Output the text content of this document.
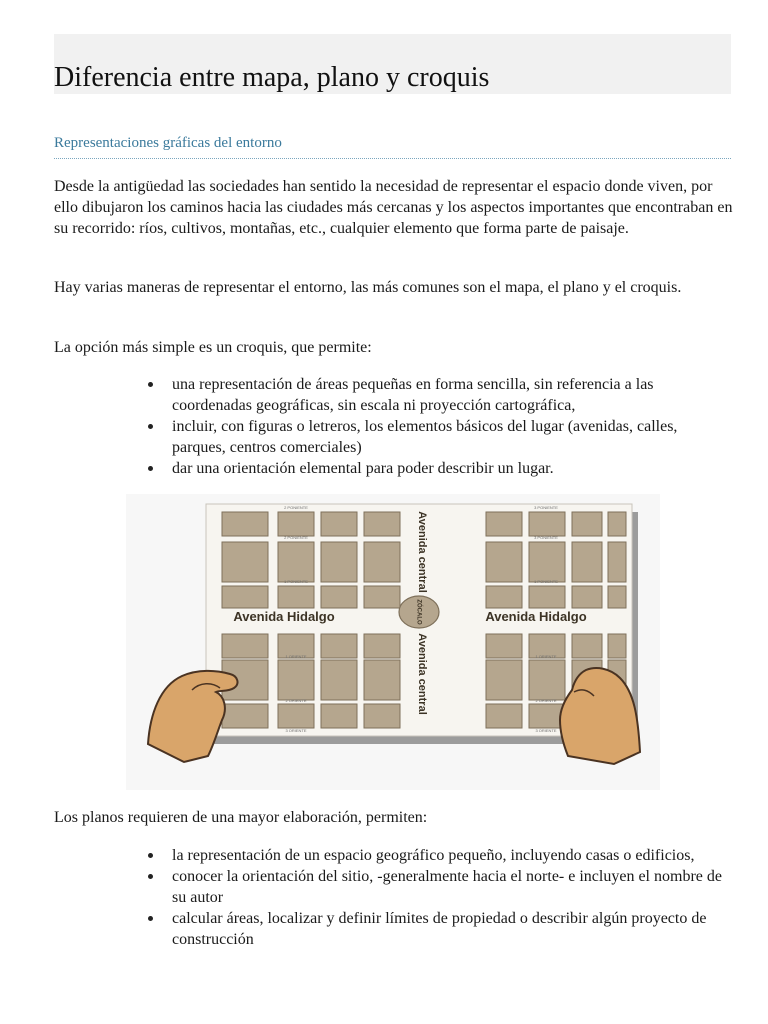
Diferencia entre mapa, plano y croquis
Representaciones gráficas del entorno

Desde la antigüedad las sociedades han sentido la necesidad de representar el espacio donde viven, por ello dibujaron los caminos hacia las ciudades más cercanas y los aspectos importantes que encontraban en su recorrido: ríos, cultivos, montañas, etc., cualquier elemento que forma parte de paisaje.

Hay varias maneras de representar el entorno, las más comunes son el mapa, el plano y el croquis.

La opción más simple es un croquis, que permite:

una representación de áreas pequeñas en forma sencilla, sin referencia a las coordenadas geográficas, sin escala ni proyección cartográfica,
incluir, con figuras o letreros, los elementos básicos del lugar (avenidas, calles, parques, centros comerciales)
dar una orientación elemental para poder describir un lugar.
2 PONIENTE	3 PONIENTE
2 PONIENTE	3 PONIENTE
1 PONIENTE	1 PONIENTE
1 ORIENTE	1 ORIENTE
2 ORIENTE	2 ORIENTE
3 ORIENTE	3 ORIENTE
ZÓCALO
Avenida Hidalgo	Avenida Hidalgo
Avenida central
Avenida central

Los planos requieren de una mayor elaboración, permiten:

la representación de un espacio geográfico pequeño, incluyendo casas o edificios,
conocer la orientación del sitio, -generalmente hacia el norte- e incluyen el nombre de su autor
calcular áreas, localizar y definir límites de propiedad o describir algún proyecto de construcción
